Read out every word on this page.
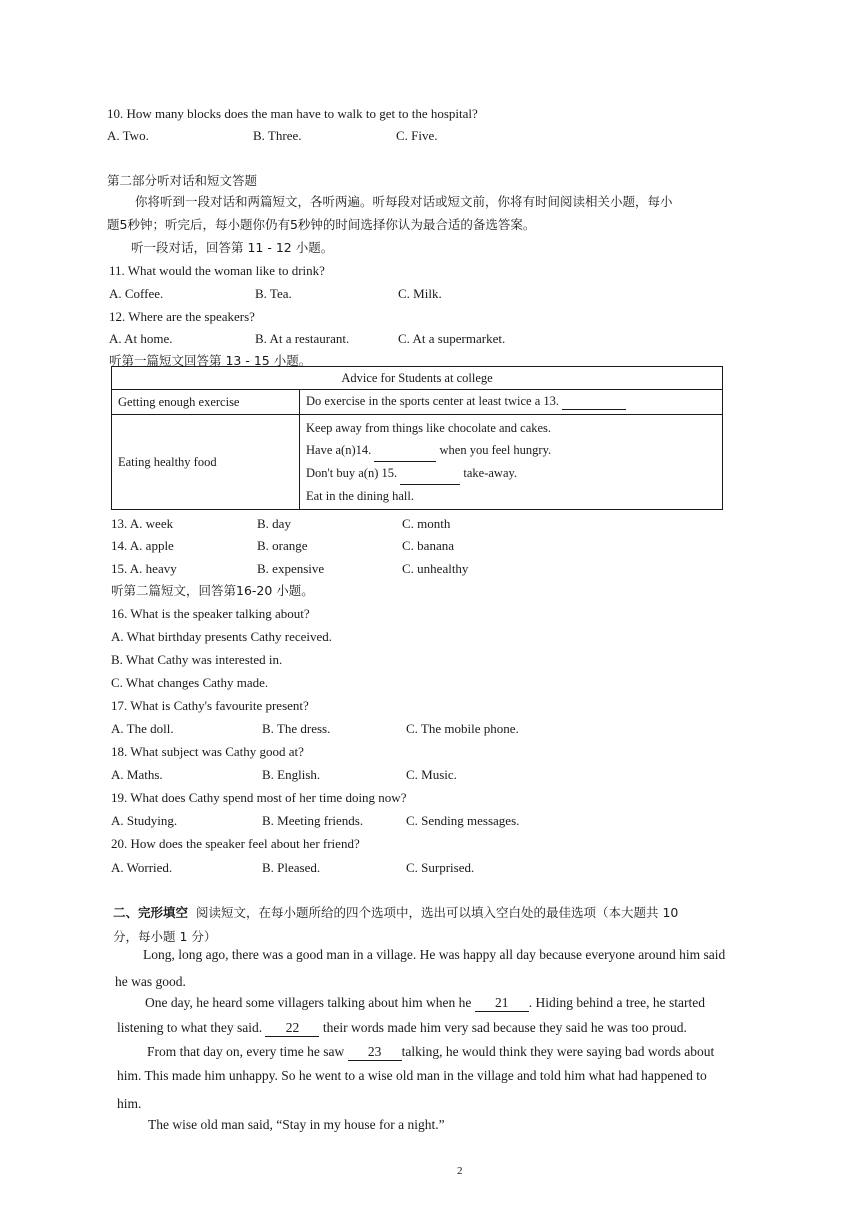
10. How many blocks does the man have to walk to get to the hospital?
A. Two.	B. Three.	C. Five.
第二部分听对话和短文答题
你将听到一段对话和两篇短文，各听两遍。听每段对话或短文前，你将有时间阅读相关小题，每小
题5秒钟；听完后，每小题你仍有5秒钟的时间选择你认为最合适的备选答案。
听一段对话，回答第 11 - 12 小题。
11. What would the woman like to drink?
A. Coffee.	B. Tea.	C. Milk.
12. Where are the speakers?
A. At home.	B. At a restaurant.	C. At a supermarket.
听第一篇短文回答第 13 - 15 小题。
Advice for Students at college	
Getting enough exercise	Do exercise in the sports center at least twice a 13.
Eating healthy food	Keep away from things like chocolate and cakes.
Have a(n)14. when you feel hungry.
Don't buy a(n) 15. take-away.
Eat in the dining hall.
13. A. week	B. day	C. month
14. A. apple	B. orange	C. banana
15. A. heavy	B. expensive	C. unhealthy
听第二篇短文，回答第16-20 小题。
16. What is the speaker talking about?
A. What birthday presents Cathy received.
B. What Cathy was interested in.
C. What changes Cathy made.
17. What is Cathy's favourite present?
A. The doll.	B. The dress.	C. The mobile phone.
18. What subject was Cathy good at?
A. Maths.	B. English.	C. Music.
19. What does Cathy spend most of her time doing now?
A. Studying.	B. Meeting friends.	C. Sending messages.
20. How does the speaker feel about her friend?
A. Worried.	B. Pleased.	C. Surprised.
二、完形填空 阅读短文，在每小题所给的四个选项中，选出可以填入空白处的最佳选项（本大题共 10
分，每小题 1 分）
Long, long ago, there was a good man in a village. He was happy all day because everyone around him said
he was good.
One day, he heard some villagers talking about him when he 21 . Hiding behind a tree, he started
listening to what they said. 22 their words made him very sad because they said he was too proud.
From that day on, every time he saw 23 talking, he would think they were saying bad words about
him. This made him unhappy. So he went to a wise old man in the village and told him what had happened to
him.
The wise old man said, “Stay in my house for a night.”
2
